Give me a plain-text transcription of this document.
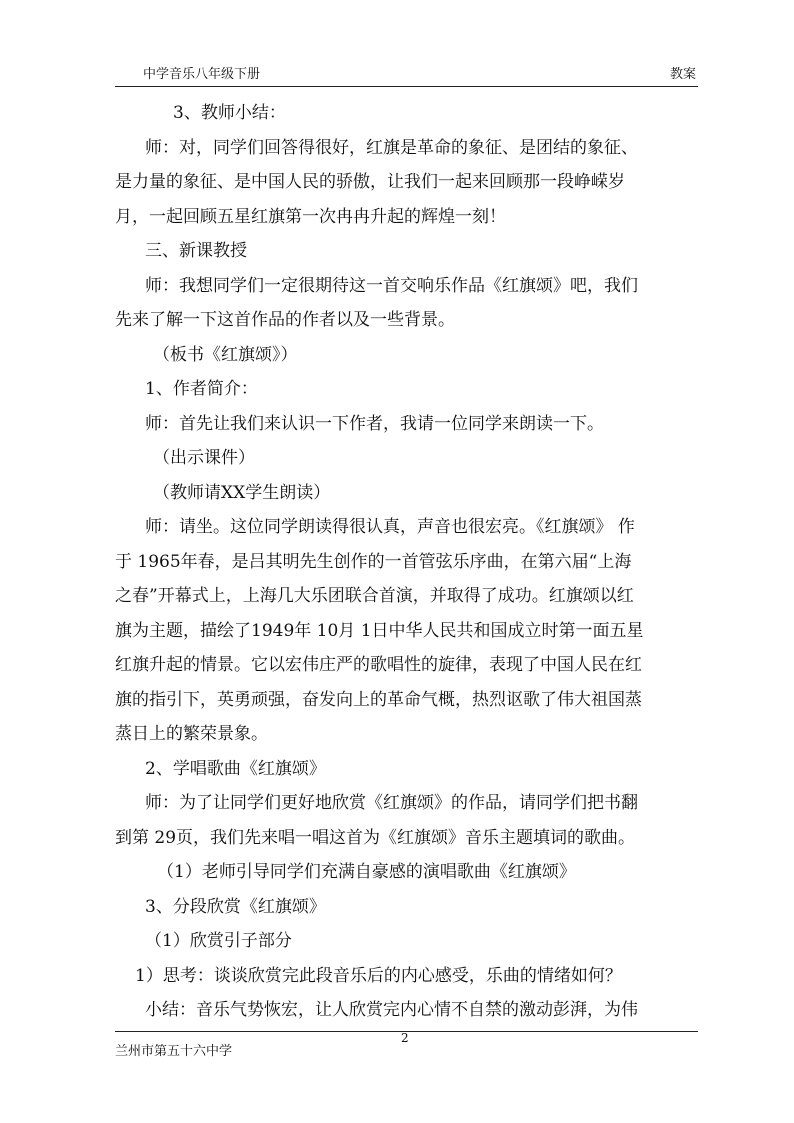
中学音乐八年级下册	教案
3、教师小结：
师：对，同学们回答得很好，红旗是革命的象征、是团结的象征、
是力量的象征、是中国人民的骄傲，让我们一起来回顾那一段峥嵘岁
月，一起回顾五星红旗第一次冉冉升起的辉煌一刻！
三、新课教授
师：我想同学们一定很期待这一首交响乐作品《红旗颂》吧，我们
先来了解一下这首作品的作者以及一些背景。
（板书《红旗颂》）
1、作者简介：
师：首先让我们来认识一下作者，我请一位同学来朗读一下。
（出示课件）
（教师请XX学生朗读）
师：请坐。这位同学朗读得很认真，声音也很宏亮。《红旗颂》 作
于 1965年春，是吕其明先生创作的一首管弦乐序曲，在第六届“上海
之春”开幕式上，上海几大乐团联合首演，并取得了成功。红旗颂以红
旗为主题，描绘了1949年 10月 1日中华人民共和国成立时第一面五星
红旗升起的情景。它以宏伟庄严的歌唱性的旋律，表现了中国人民在红
旗的指引下，英勇顽强，奋发向上的革命气概，热烈讴歌了伟大祖国蒸
蒸日上的繁荣景象。
2、学唱歌曲《红旗颂》
师：为了让同学们更好地欣赏《红旗颂》的作品，请同学们把书翻
到第 29页，我们先来唱一唱这首为《红旗颂》音乐主题填词的歌曲。
（1）老师引导同学们充满自豪感的演唱歌曲《红旗颂》
3、分段欣赏《红旗颂》
（1）欣赏引子部分
1）思考：谈谈欣赏完此段音乐后的内心感受，乐曲的情绪如何？
小结：音乐气势恢宏，让人欣赏完内心情不自禁的激动彭湃，为伟
2
兰州市第五十六中学
